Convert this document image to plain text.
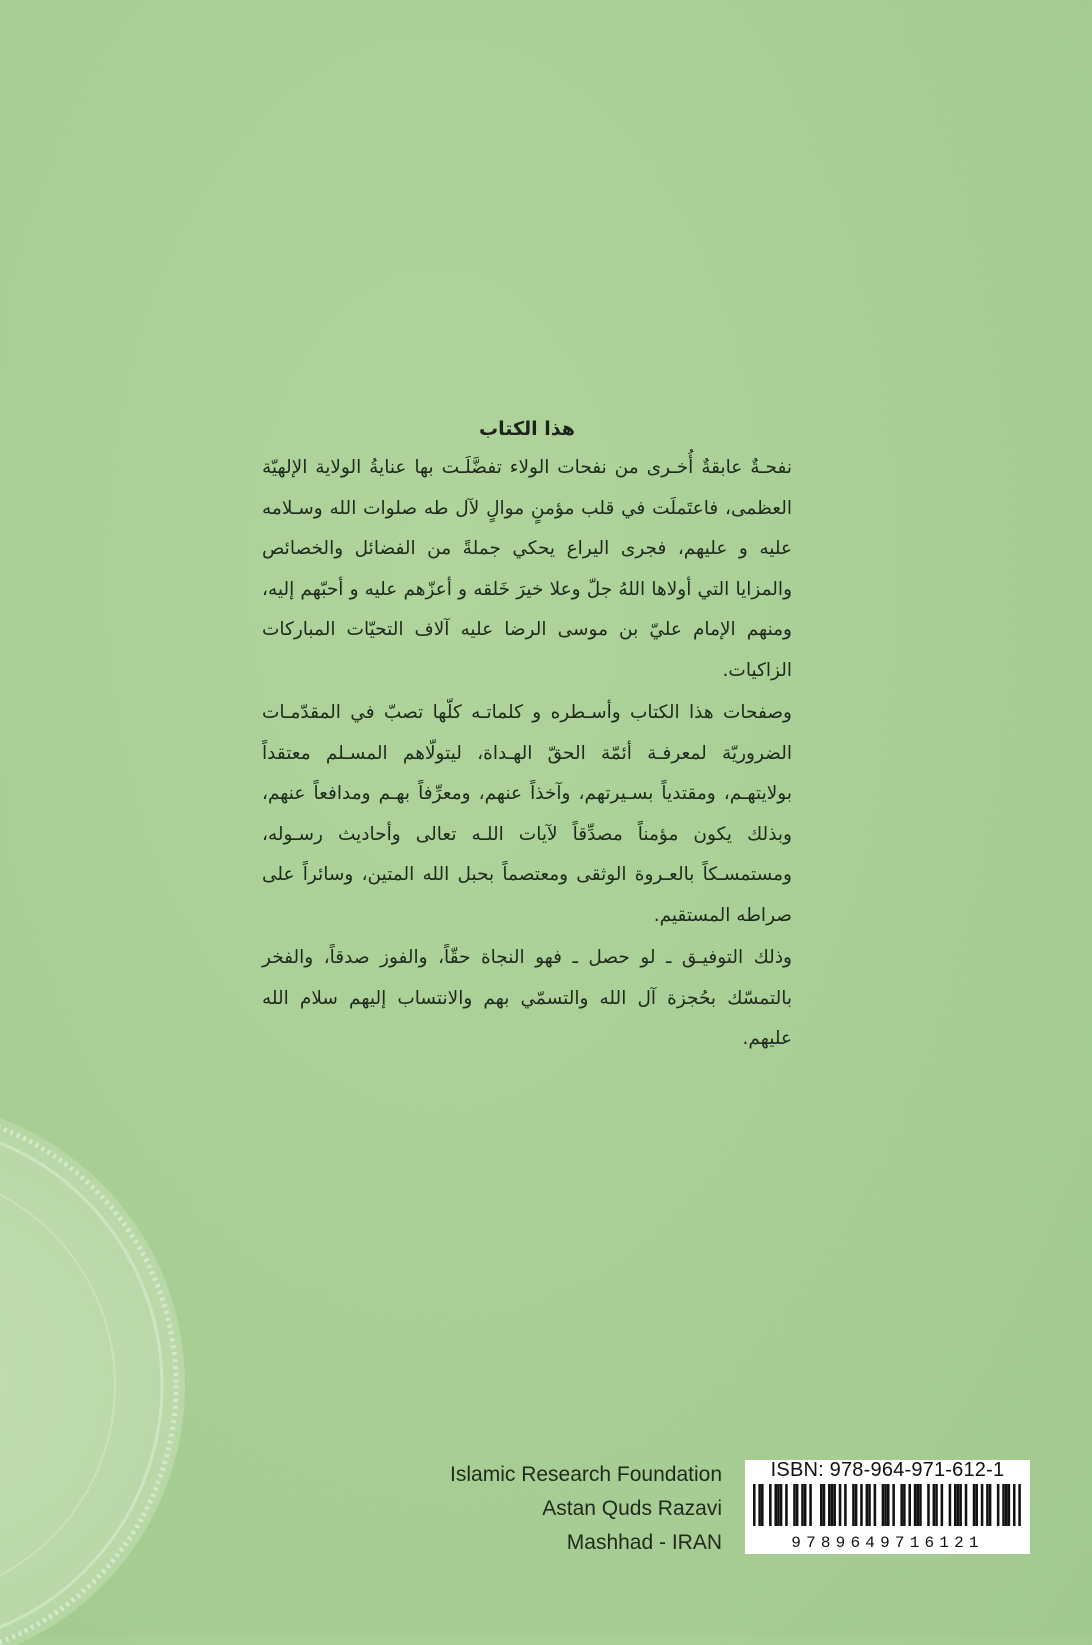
هذا الكتاب

نفحـةٌ عابقةٌ أُخـرى من نفحات الولاء تفضَّلَـت بها عنايةُ الولاية الإلهيّة العظمى، فاعتَملَت في قلب مؤمنٍ موالٍ لآل طه صلوات الله وسـلامه عليه و عليهم، فجرى اليراع يحكي جملةً من الفضائل والخصائص والمزايا التي أولاها اللهُ جلّ وعلا خيرَ خَلقه و أعزّهم عليه و أحبّهم إليه، ومنهم الإمام عليّ بن موسى الرضا عليه آلاف التحيّات المباركات الزاكيات.

وصفحات هذا الكتاب وأسـطره و كلماتـه كلّها تصبّ في المقدّمـات الضروريّة لمعرفـة أئمّة الحقّ الهـداة، ليتولّاهم المسـلم معتقداً بولايتهـم، ومقتدياً بسـيرتهم، وآخذاً عنهم، ومعرِّفاً بهـم ومدافعاً عنهم، وبذلك يكون مؤمناً مصدِّقاً لآيات اللـه تعالى وأحاديث رسـوله، ومستمسـكاً بالعـروة الوثقى ومعتصماً بحبل الله المتين، وسائراً على صراطه المستقيم.

وذلك التوفيـق ـ لو حصل ـ فهو النجاة حقّاً، والفوز صدقاً، والفخر بالتمسّك بحُجزة آل الله والتسمّي بهم والانتساب إليهم سلام الله عليهم.

Islamic Research Foundation
Astan Quds Razavi
Mashhad - IRAN
ISBN: 978-964-971-612-1
9789649716121
